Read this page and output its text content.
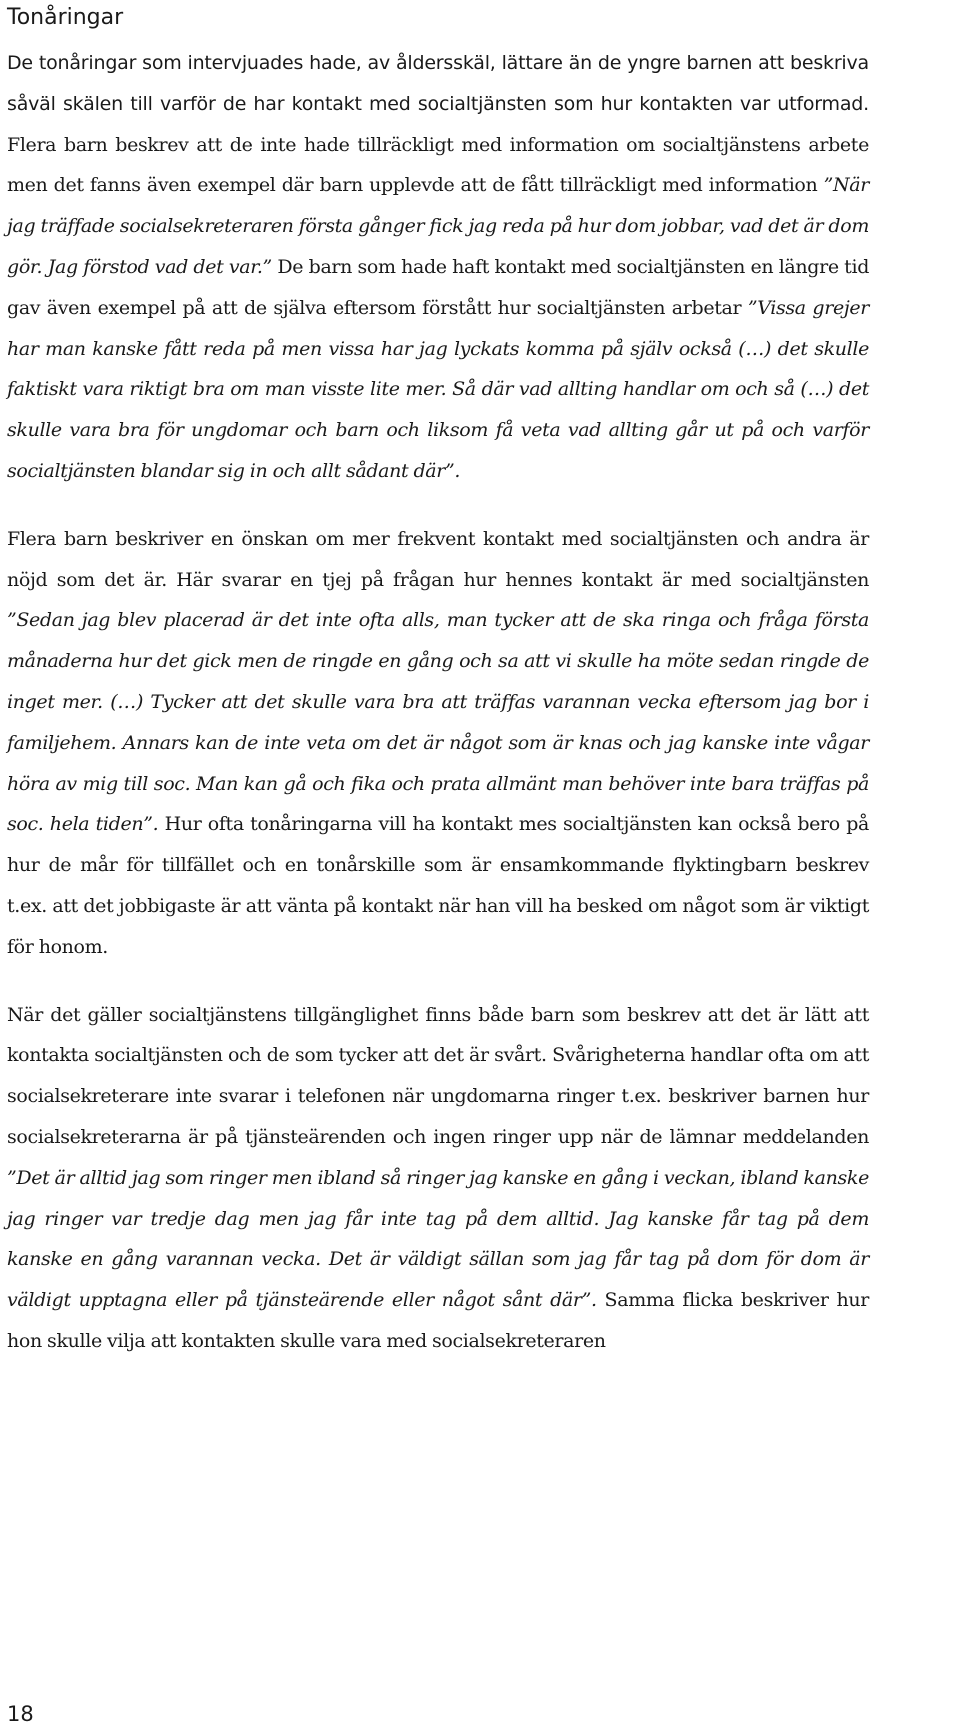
Tonåringar

De tonåringar som intervjuades hade, av åldersskäl, lättare än de yngre barnen att beskriva såväl skälen till varför de har kontakt med socialtjänsten som hur kontakten var utformad. Flera barn beskrev att de inte hade tillräckligt med information om socialtjänstens arbete men det fanns även exempel där barn upplevde att de fått tillräckligt med information ”När jag träffade socialsekreteraren första gånger fick jag reda på hur dom jobbar, vad det är dom gör. Jag förstod vad det var.” De barn som hade haft kontakt med socialtjänsten en längre tid gav även exempel på att de själva eftersom förstått hur socialtjänsten arbetar ”Vissa grejer har man kanske fått reda på men vissa har jag lyckats komma på själv också (…) det skulle faktiskt vara riktigt bra om man visste lite mer. Så där vad allting handlar om och så (…) det skulle vara bra för ungdomar och barn och liksom få veta vad allting går ut på och varför socialtjänsten blandar sig in och allt sådant där”.

Flera barn beskriver en önskan om mer frekvent kontakt med socialtjänsten och andra är nöjd som det är. Här svarar en tjej på frågan hur hennes kontakt är med socialtjänsten ”Sedan jag blev placerad är det inte ofta alls, man tycker att de ska ringa och fråga första månaderna hur det gick men de ringde en gång och sa att vi skulle ha möte sedan ringde de inget mer. (…) Tycker att det skulle vara bra att träffas varannan vecka eftersom jag bor i familjehem. Annars kan de inte veta om det är något som är knas och jag kanske inte vågar höra av mig till soc. Man kan gå och fika och prata allmänt man behöver inte bara träffas på soc. hela tiden”. Hur ofta tonåringarna vill ha kontakt mes socialtjänsten kan också bero på hur de mår för tillfället och en tonårskille som är ensamkommande flyktingbarn beskrev t.ex. att det jobbigaste är att vänta på kontakt när han vill ha besked om något som är viktigt för honom.

När det gäller socialtjänstens tillgänglighet finns både barn som beskrev att det är lätt att kontakta socialtjänsten och de som tycker att det är svårt. Svårigheterna handlar ofta om att socialsekreterare inte svarar i telefonen när ungdomarna ringer t.ex. beskriver barnen hur socialsekreterarna är på tjänsteärenden och ingen ringer upp när de lämnar meddelanden ”Det är alltid jag som ringer men ibland så ringer jag kanske en gång i veckan, ibland kanske jag ringer var tredje dag men jag får inte tag på dem alltid. Jag kanske får tag på dem kanske en gång varannan vecka. Det är väldigt sällan som jag får tag på dom för dom är väldigt upptagna eller på tjänsteärende eller något sånt där”. Samma flicka beskriver hur hon skulle vilja att kontakten skulle vara med socialsekreteraren

18
